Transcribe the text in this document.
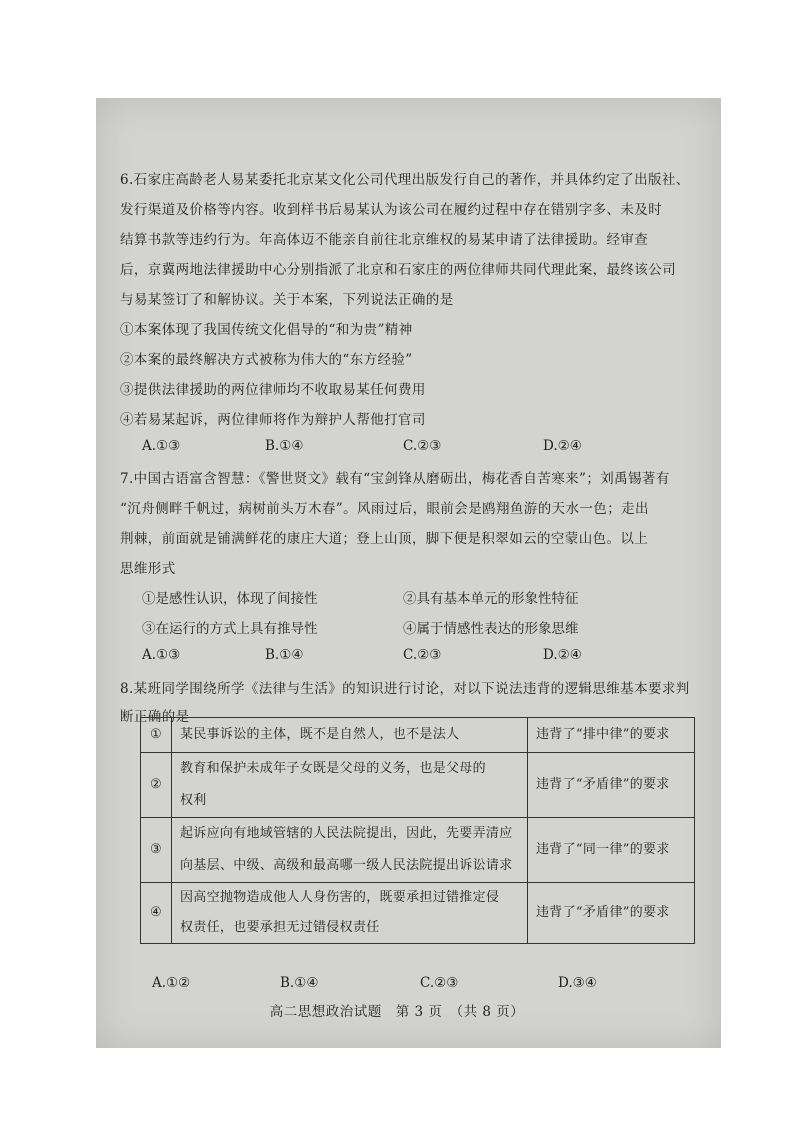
6.石家庄高龄老人易某委托北京某文化公司代理出版发行自己的著作，并具体约定了出版社、
发行渠道及价格等内容。收到样书后易某认为该公司在履约过程中存在错别字多、未及时
结算书款等违约行为。年高体迈不能亲自前往北京维权的易某申请了法律援助。经审查
后，京冀两地法律援助中心分别指派了北京和石家庄的两位律师共同代理此案，最终该公司
与易某签订了和解协议。关于本案，下列说法正确的是
①本案体现了我国传统文化倡导的“和为贵”精神
②本案的最终解决方式被称为伟大的“东方经验”
③提供法律援助的两位律师均不收取易某任何费用
④若易某起诉，两位律师将作为辩护人帮他打官司
A.①③	B.①④	C.②③	D.②④
7.中国古语富含智慧：《警世贤文》载有“宝剑锋从磨砺出，梅花香自苦寒来”；刘禹锡著有
“沉舟侧畔千帆过，病树前头万木春”。风雨过后，眼前会是鸥翔鱼游的天水一色；走出
荆棘，前面就是铺满鲜花的康庄大道；登上山顶，脚下便是积翠如云的空蒙山色。以上
思维形式
①是感性认识，体现了间接性	②具有基本单元的形象性特征
③在运行的方式上具有推导性	④属于情感性表达的形象思维
A.①③	B.①④	C.②③	D.②④
8.某班同学围绕所学《法律与生活》的知识进行讨论，对以下说法违背的逻辑思维基本要求判
断正确的是
①	某民事诉讼的主体，既不是自然人，也不是法人	违背了“排中律”的要求
②	教育和保护未成年子女既是父母的义务，也是父母的
权利	违背了“矛盾律”的要求
③	起诉应向有地域管辖的人民法院提出，因此，先要弄清应
向基层、中级、高级和最高哪一级人民法院提出诉讼请求	违背了“同一律”的要求
④	因高空抛物造成他人人身伤害的，既要承担过错推定侵
权责任，也要承担无过错侵权责任	违背了“矛盾律”的要求
A.①②	B.①④	C.②③	D.③④
高二思想政治试题　第 3 页　（共 8 页）
